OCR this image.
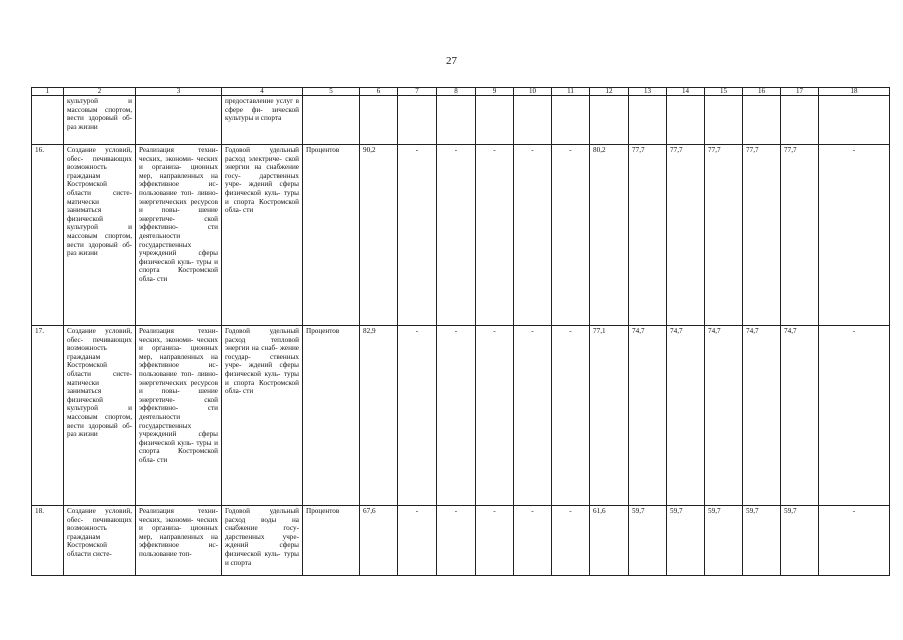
27
1	2	3	4	5	6	7	8	9	10	11	12	13	14	15	16	17	18
	культурой и массовым спортом, вести здоровый об- раз жизни		предоставление услуг в сфере фи- зической культуры и спорта														
16.	Создание условий, обес- печивающих возможность гражданам Костромской области систе- матически заниматься физической культурой и массовым спортом, вести здоровый об- раз жизни	Реализация техни- ческих, экономи- ческих и организа- ционных мер, направленных на эффективное ис- пользование топ- ливно- энергетических ресурсов и повы- шение энергетиче- ской эффективно- сти деятельности государственных учреждений сферы физической куль- туры и спорта Костромской обла- сти	Годовой удельный расход электриче- ской энергии на снабжение госу- дарственных учре- ждений сферы физической куль- туры и спорта Костромской обла- сти	Процентов	90,2	-	-	-	-	-	80,2	77,7	77,7	77,7	77,7	77,7	-
17.	Создание условий, обес- печивающих возможность гражданам Костромской области систе- матически заниматься физической культурой и массовым спортом, вести здоровый об- раз жизни	Реализация техни- ческих, экономи- ческих и организа- ционных мер, направленных на эффективное ис- пользование топ- ливно- энергетических ресурсов и повы- шение энергетиче- ской эффективно- сти деятельности государственных учреждений сферы физической куль- туры и спорта Костромской обла- сти	Годовой удельный расход тепловой энергии на снаб- жение государ- ственных учре- ждений сферы физической куль- туры и спорта Костромской обла- сти	Процентов	82,9	-	-	-	-	-	77,1	74,7	74,7	74,7	74,7	74,7	-
18.	Создание условий, обес- печивающих возможность гражданам Костромской области систе-	Реализация техни- ческих, экономи- ческих и организа- ционных мер, направленных на эффективное ис- пользование топ-	Годовой удельный расход воды на снабжение госу- дарственных учре- ждений сферы физической куль- туры и спорта	Процентов	67,6	-	-	-	-	-	61,6	59,7	59,7	59,7	59,7	59,7	-
